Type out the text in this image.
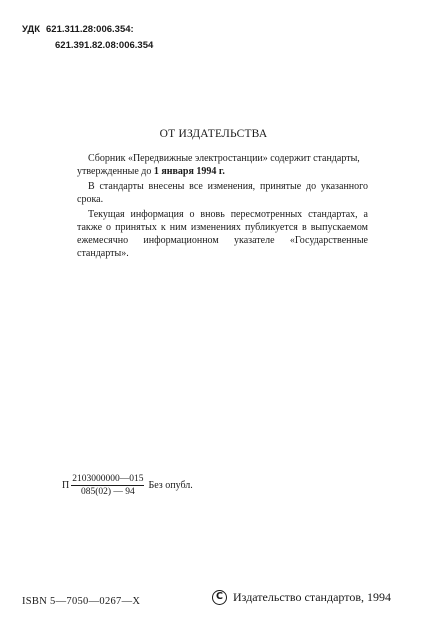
УДК 621.311.28:006.354:
621.391.82.08:006.354
ОТ ИЗДАТЕЛЬСТВА

Сборник «Передвижные электростанции» содержит стандарты,
утвержденные до 1 января 1994 г.

В стандарты внесены все изменения, принятые до указанного срока.

Текущая информация о вновь пересмотренных стандартах, а также о принятых к ним изменениях публикуется в выпускаемом ежемесячно информационном указателе «Государственные стандарты».

П $\frac{2103000000—015}{085(02) — 94}$ Без опубл.
ISBN 5—7050—0267—X	C Издательство стандартов, 1994
